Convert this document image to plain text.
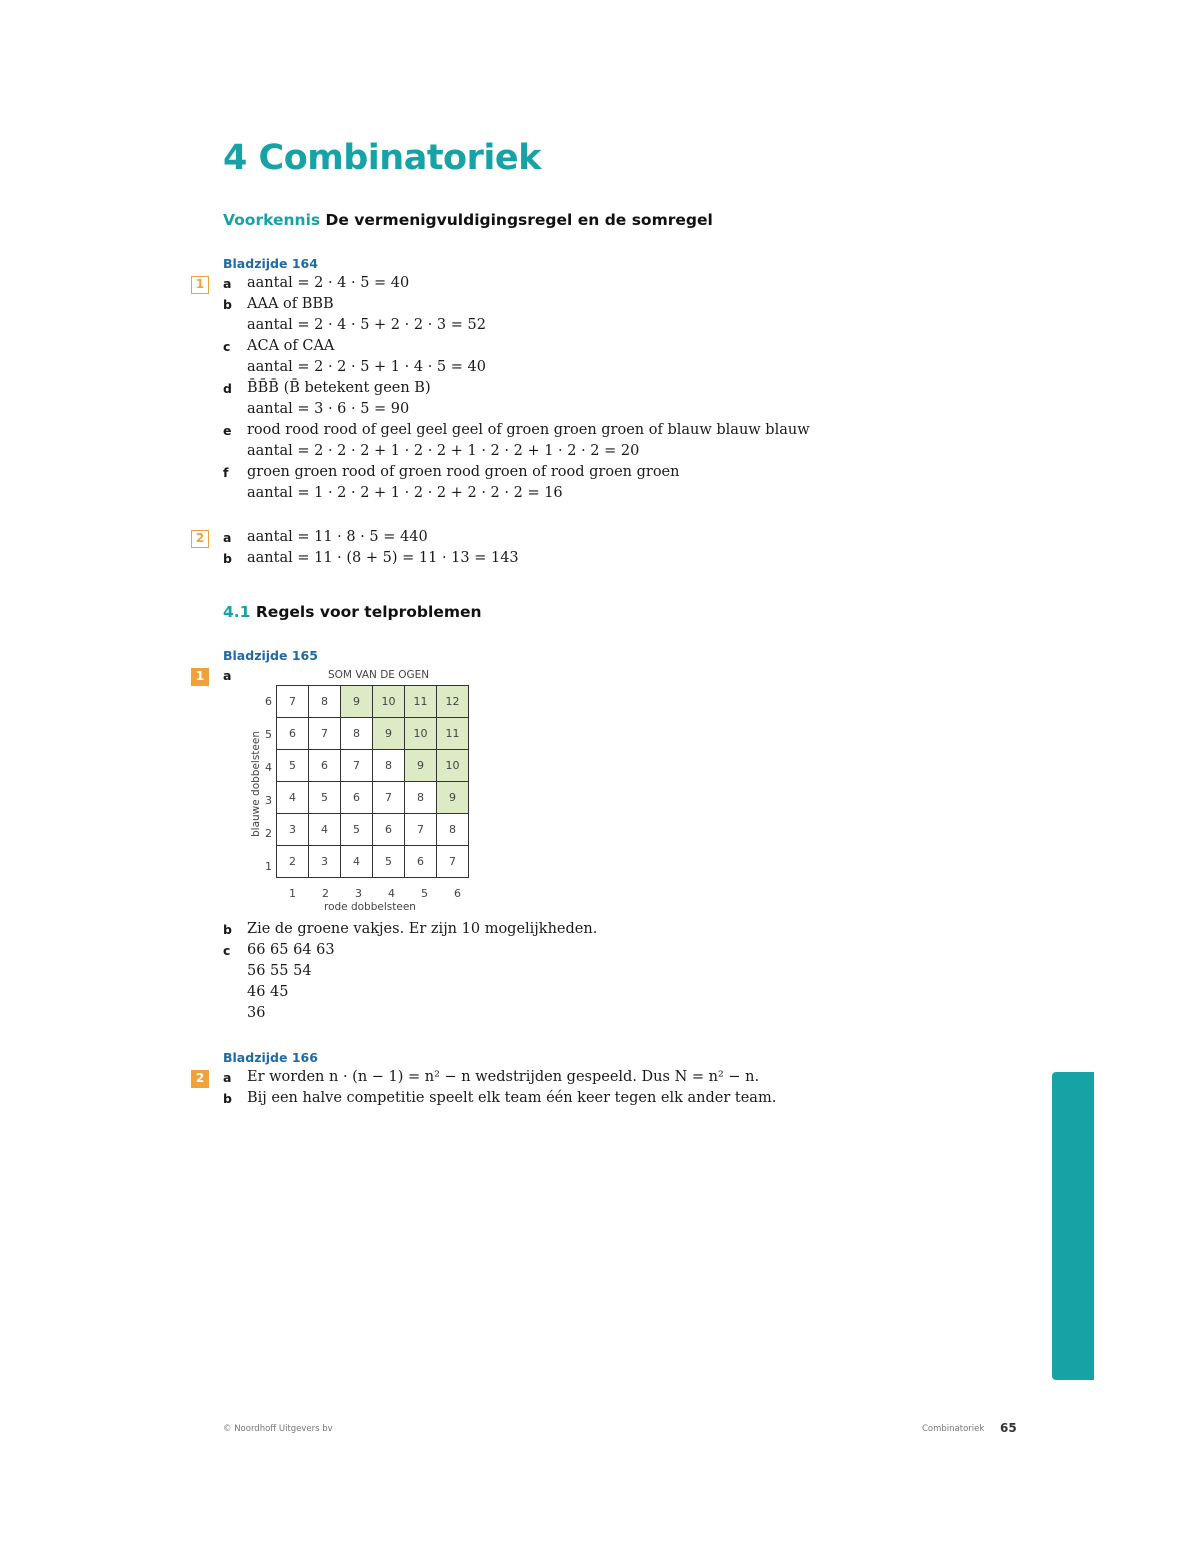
4 Combinatoriek
Voorkennis De vermenigvuldigingsregel en de somregel
Bladzijde 164
1	a	aantal = 2 · 4 · 5 = 40
b	AAA of BBB
aantal = 2 · 4 · 5 + 2 · 2 · 3 = 52
c	ACA of CAA
aantal = 2 · 2 · 5 + 1 · 4 · 5 = 40
d	B̄B̄B̄ (B̄ betekent geen B)
aantal = 3 · 6 · 5 = 90
e	rood rood rood of geel geel geel of groen groen groen of blauw blauw blauw
aantal = 2 · 2 · 2 + 1 · 2 · 2 + 1 · 2 · 2 + 1 · 2 · 2 = 20
f	groen groen rood of groen rood groen of rood groen groen
aantal = 1 · 2 · 2 + 1 · 2 · 2 + 2 · 2 · 2 = 16
2	a	aantal = 11 · 8 · 5 = 440
b	aantal = 11 · (8 + 5) = 11 · 13 = 143
4.1 Regels voor telproblemen
Bladzijde 165
1	a	SOM VAN DE OGEN
blauwe dobbelsteen
7	8	9	10	11	12
6	7	8	9	10	11
5	6	7	8	9	10
4	5	6	7	8	9
3	4	5	6	7	8
2	3	4	5	6	7
6
5
4
3
2
1
1	2	3	4	5	6
rode dobbelsteen
b	Zie de groene vakjes. Er zijn 10 mogelijkheden.
c	66 65 64 63
56 55 54
46 45
36
Bladzijde 166
2	a	Er worden n · (n − 1) = n² − n wedstrijden gespeeld. Dus N = n² − n.
b	Bij een halve competitie speelt elk team één keer tegen elk ander team.
© Noordhoff Uitgevers bv	Combinatoriek 65
